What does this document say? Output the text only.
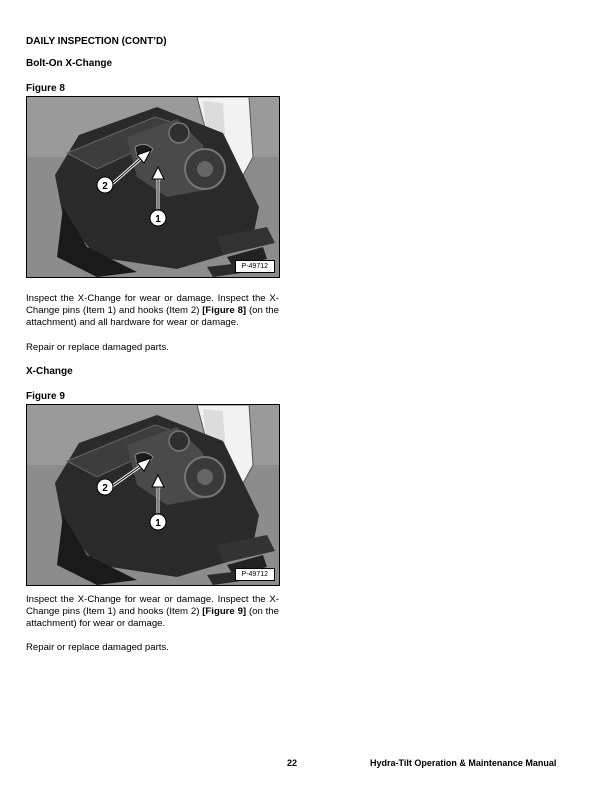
DAILY INSPECTION (CONT’D)
Bolt-On X-Change
Figure 8
2
1
P-49712
Inspect the X-Change for wear or damage. Inspect the X-Change pins (Item 1) and hooks (Item 2) [Figure 8] (on the attachment) and all hardware for wear or damage.
Repair or replace damaged parts.
X-Change
Figure 9
2
1
P-49712
Inspect the X-Change for wear or damage. Inspect the X-Change pins (Item 1) and hooks (Item 2) [Figure 9] (on the attachment) for wear or damage.
Repair or replace damaged parts.
22	Hydra-Tilt Operation & Maintenance Manual
